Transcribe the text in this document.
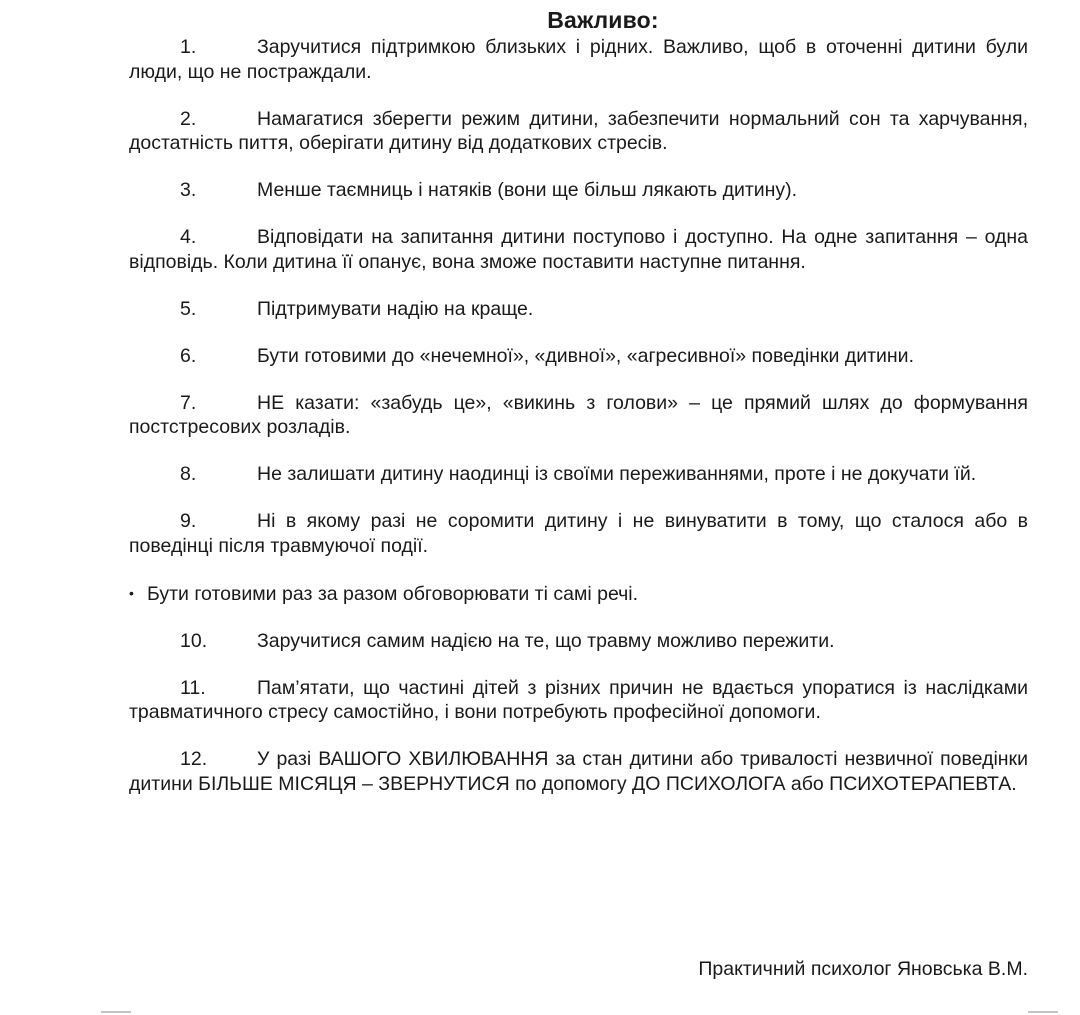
Важливо:

1.	Заручитися підтримкою близьких і рідних. Важливо, щоб в оточенні дитини були люди, що не постраждали.

2.	Намагатися зберегти режим дитини, забезпечити нормальний сон та харчування, достатність пиття, оберігати дитину від додаткових стресів.

3.	Менше таємниць і натяків (вони ще більш лякають дитину).

4.	Відповідати на запитання дитини поступово і доступно. На одне запитання – одна відповідь. Коли дитина її опанує, вона зможе поставити наступне питання.

5.	Підтримувати надію на краще.

6.	Бути готовими до «нечемної», «дивної», «агресивної» поведінки дитини.

7.	НЕ казати: «забудь це», «викинь з голови» – це прямий шлях до формування постстресових розладів.

8.	Не залишати дитину наодинці із своїми переживаннями, проте і не докучати їй.

9.	Ні в якому разі не соромити дитину і не винуватити в тому, що сталося або в поведінці після травмуючої події.

• Бути готовими раз за разом обговорювати ті самі речі.

10.	Заручитися самим надією на те, що травму можливо пережити.

11.	Пам’ятати, що частині дітей з різних причин не вдається упоратися із наслідками травматичного стресу самостійно, і вони потребують професійної допомоги.

12.	У разі ВАШОГО ХВИЛЮВАННЯ за стан дитини або тривалості незвичної поведінки дитини БІЛЬШЕ МІСЯЦЯ – ЗВЕРНУТИСЯ по допомогу ДО ПСИХОЛОГА або ПСИХОТЕРАПЕВТА.

Практичний психолог Яновська В.М.
